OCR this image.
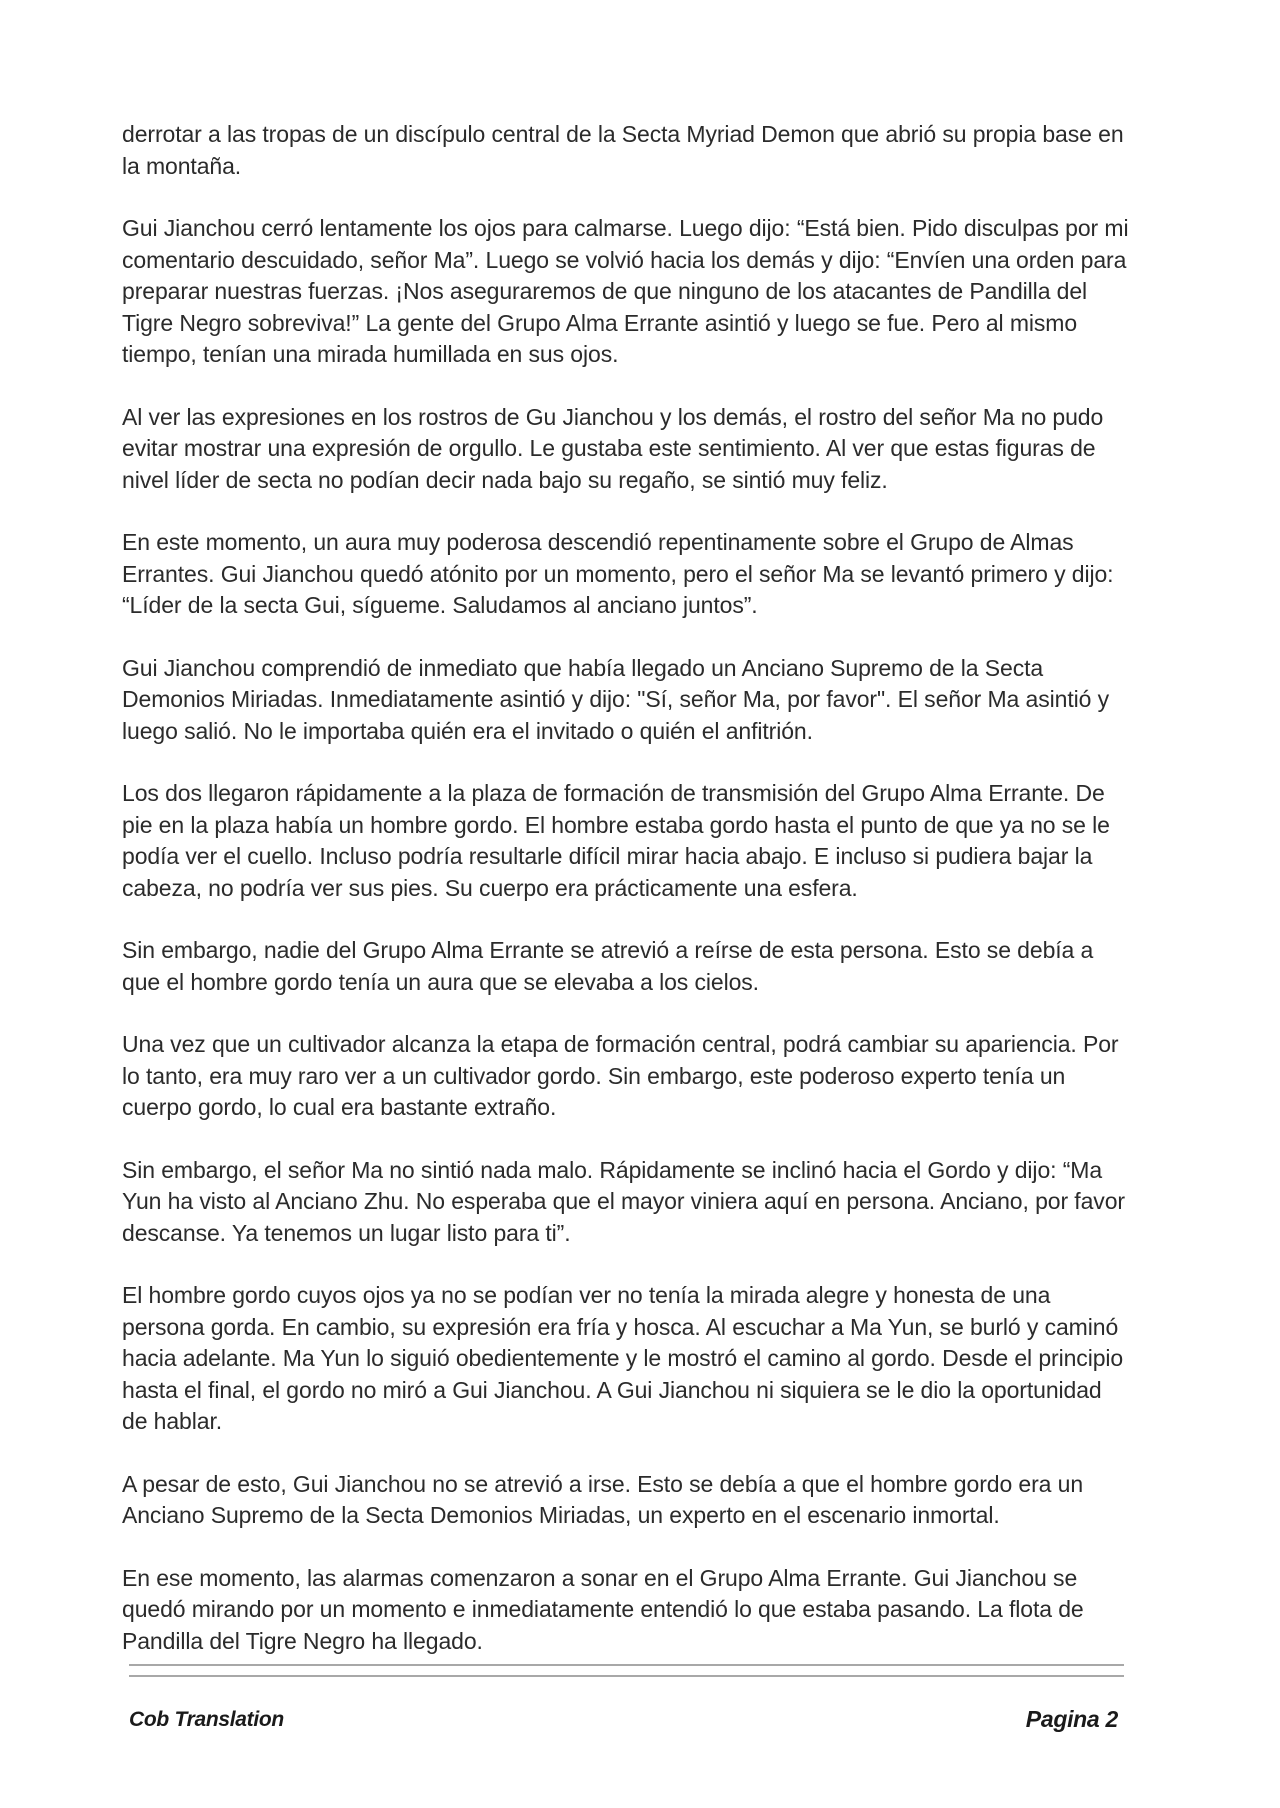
derrotar a las tropas de un discípulo central de la Secta Myriad Demon que abrió su propia base en la montaña.

Gui Jianchou cerró lentamente los ojos para calmarse. Luego dijo: “Está bien. Pido disculpas por mi comentario descuidado, señor Ma”. Luego se volvió hacia los demás y dijo: “Envíen una orden para preparar nuestras fuerzas. ¡Nos aseguraremos de que ninguno de los atacantes de Pandilla del Tigre Negro sobreviva!” La gente del Grupo Alma Errante asintió y luego se fue. Pero al mismo tiempo, tenían una mirada humillada en sus ojos.

Al ver las expresiones en los rostros de Gu Jianchou y los demás, el rostro del señor Ma no pudo evitar mostrar una expresión de orgullo. Le gustaba este sentimiento. Al ver que estas figuras de nivel líder de secta no podían decir nada bajo su regaño, se sintió muy feliz.

En este momento, un aura muy poderosa descendió repentinamente sobre el Grupo de Almas Errantes. Gui Jianchou quedó atónito por un momento, pero el señor Ma se levantó primero y dijo: “Líder de la secta Gui, sígueme. Saludamos al anciano juntos”.

Gui Jianchou comprendió de inmediato que había llegado un Anciano Supremo de la Secta Demonios Miriadas. Inmediatamente asintió y dijo: "Sí, señor Ma, por favor". El señor Ma asintió y luego salió. No le importaba quién era el invitado o quién el anfitrión.

Los dos llegaron rápidamente a la plaza de formación de transmisión del Grupo Alma Errante. De pie en la plaza había un hombre gordo. El hombre estaba gordo hasta el punto de que ya no se le podía ver el cuello. Incluso podría resultarle difícil mirar hacia abajo. E incluso si pudiera bajar la cabeza, no podría ver sus pies. Su cuerpo era prácticamente una esfera.

Sin embargo, nadie del Grupo Alma Errante se atrevió a reírse de esta persona. Esto se debía a que el hombre gordo tenía un aura que se elevaba a los cielos.

Una vez que un cultivador alcanza la etapa de formación central, podrá cambiar su apariencia. Por lo tanto, era muy raro ver a un cultivador gordo. Sin embargo, este poderoso experto tenía un cuerpo gordo, lo cual era bastante extraño.

Sin embargo, el señor Ma no sintió nada malo. Rápidamente se inclinó hacia el Gordo y dijo: “Ma Yun ha visto al Anciano Zhu. No esperaba que el mayor viniera aquí en persona. Anciano, por favor descanse. Ya tenemos un lugar listo para ti”.

El hombre gordo cuyos ojos ya no se podían ver no tenía la mirada alegre y honesta de una persona gorda. En cambio, su expresión era fría y hosca. Al escuchar a Ma Yun, se burló y caminó hacia adelante. Ma Yun lo siguió obedientemente y le mostró el camino al gordo. Desde el principio hasta el final, el gordo no miró a Gui Jianchou. A Gui Jianchou ni siquiera se le dio la oportunidad de hablar.

A pesar de esto, Gui Jianchou no se atrevió a irse. Esto se debía a que el hombre gordo era un Anciano Supremo de la Secta Demonios Miriadas, un experto en el escenario inmortal.

En ese momento, las alarmas comenzaron a sonar en el Grupo Alma Errante. Gui Jianchou se quedó mirando por un momento e inmediatamente entendió lo que estaba pasando. La flota de Pandilla del Tigre Negro ha llegado.

Cob Translation	Pagina 2
